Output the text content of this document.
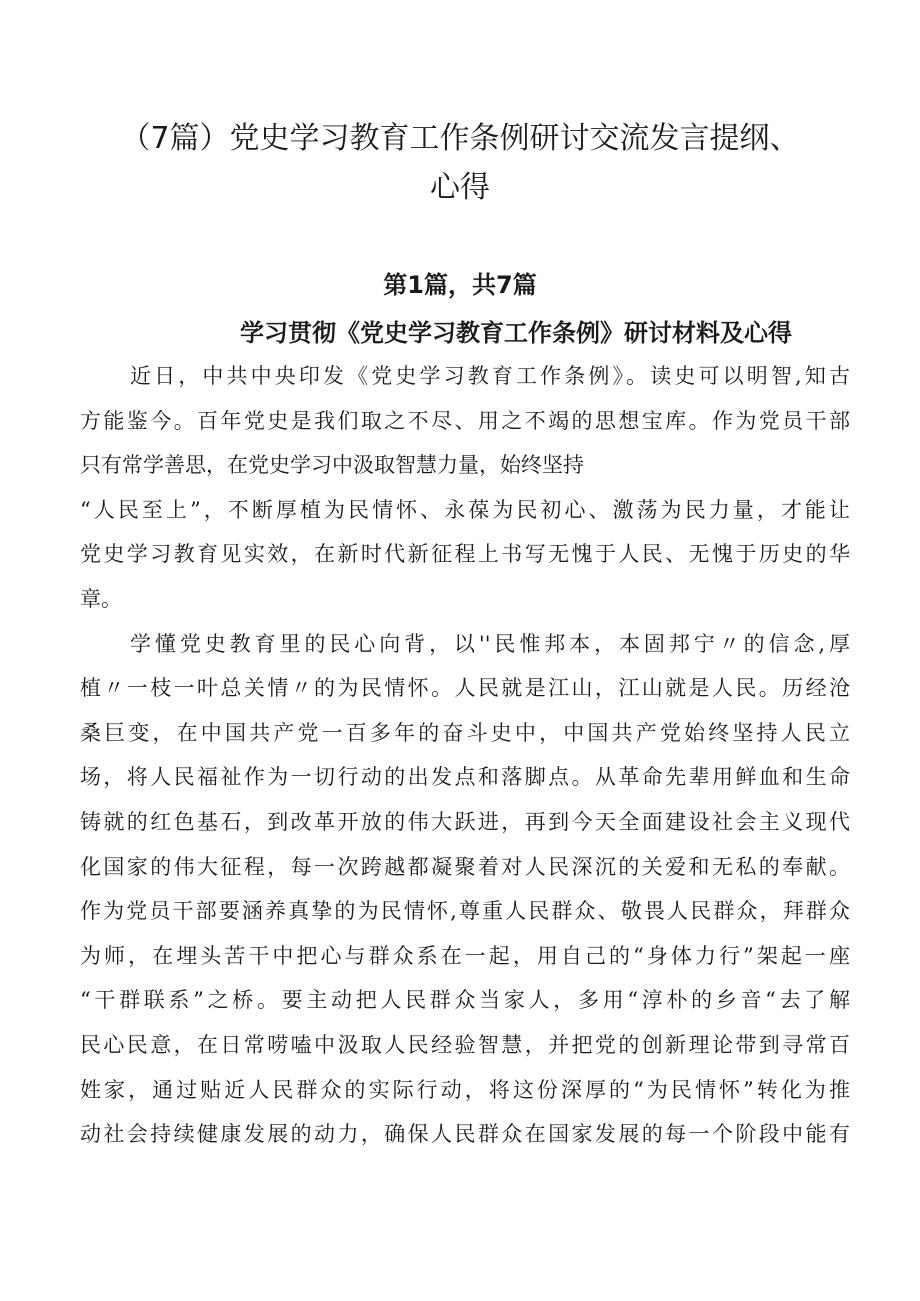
（7篇）党史学习教育工作条例研讨交流发言提纲、
心得
第1篇，共7篇
学习贯彻《党史学习教育工作条例》研讨材料及心得
近日，中共中央印发《党史学习教育工作条例》。读史可以明智,知古
方能鉴今。百年党史是我们取之不尽、用之不竭的思想宝库。作为党员干部
只有常学善思，在党史学习中汲取智慧力量，始终坚持
“人民至上”，不断厚植为民情怀、永葆为民初心、激荡为民力量，才能让
党史学习教育见实效，在新时代新征程上书写无愧于人民、无愧于历史的华
章。
学懂党史教育里的民心向背，以''民惟邦本，本固邦宁〃的信念,厚
植〃一枝一叶总关情〃的为民情怀。人民就是江山，江山就是人民。历经沧
桑巨变，在中国共产党一百多年的奋斗史中，中国共产党始终坚持人民立
场，将人民福祉作为一切行动的出发点和落脚点。从革命先辈用鲜血和生命
铸就的红色基石，到改革开放的伟大跃进，再到今天全面建设社会主义现代
化国家的伟大征程，每一次跨越都凝聚着对人民深沉的关爱和无私的奉献。
作为党员干部要涵养真挚的为民情怀,尊重人民群众、敬畏人民群众，拜群众
为师，在埋头苦干中把心与群众系在一起，用自己的“身体力行”架起一座
“干群联系”之桥。要主动把人民群众当家人，多用“淳朴的乡音“去了解
民心民意，在日常唠嗑中汲取人民经验智慧，并把党的创新理论带到寻常百
姓家，通过贴近人民群众的实际行动，将这份深厚的“为民情怀”转化为推
动社会持续健康发展的动力，确保人民群众在国家发展的每一个阶段中能有
